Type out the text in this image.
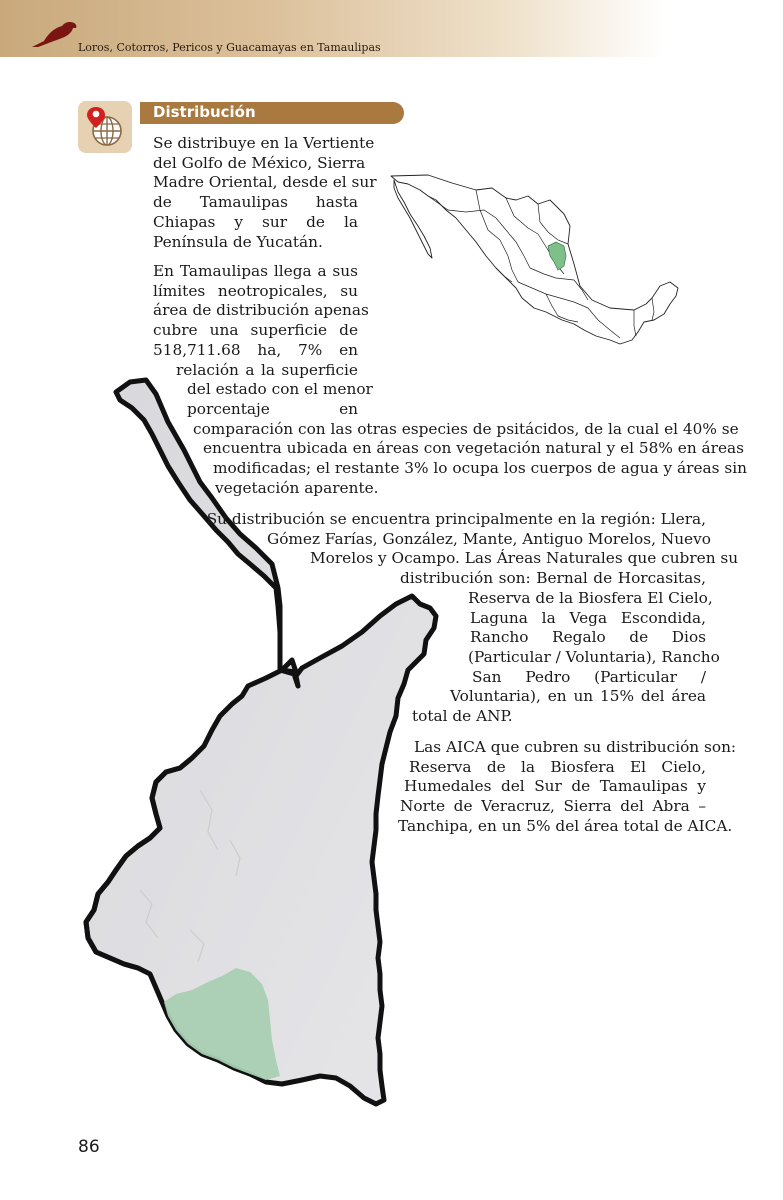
Loros, Cotorros, Pericos y Guacamayas en Tamaulipas
Distribución
Se distribuye en la Vertiente
del Golfo de México, Sierra
Madre Oriental, desde el sur
de Tamaulipas hasta
Chiapas y sur de la
Península de Yucatán.
En Tamaulipas llega a sus
límites neotropicales, su
área de distribución apenas
cubre una superficie de
518,711.68 ha, 7% en
relación a la superficie
del estado con el menor
porcentaje en
comparación con las otras especies de psitácidos, de la cual el 40% se
encuentra ubicada en áreas con vegetación natural y el 58% en áreas
modificadas; el restante 3% lo ocupa los cuerpos de agua y áreas sin
vegetación aparente.
Su distribución se encuentra principalmente en la región: Llera,
Gómez Farías, González, Mante, Antiguo Morelos, Nuevo
Morelos y Ocampo. Las Áreas Naturales que cubren su
distribución son: Bernal de Horcasitas,
Reserva de la Biosfera El Cielo,
Laguna la Vega Escondida,
Rancho Regalo de Dios
(Particular / Voluntaria), Rancho
San Pedro (Particular /
Voluntaria), en un 15% del área
total de ANP.
Las AICA que cubren su distribución son:
Reserva de la Biosfera El Cielo,
Humedales del Sur de Tamaulipas y
Norte de Veracruz, Sierra del Abra –
Tanchipa, en un 5% del área total de AICA.
86
